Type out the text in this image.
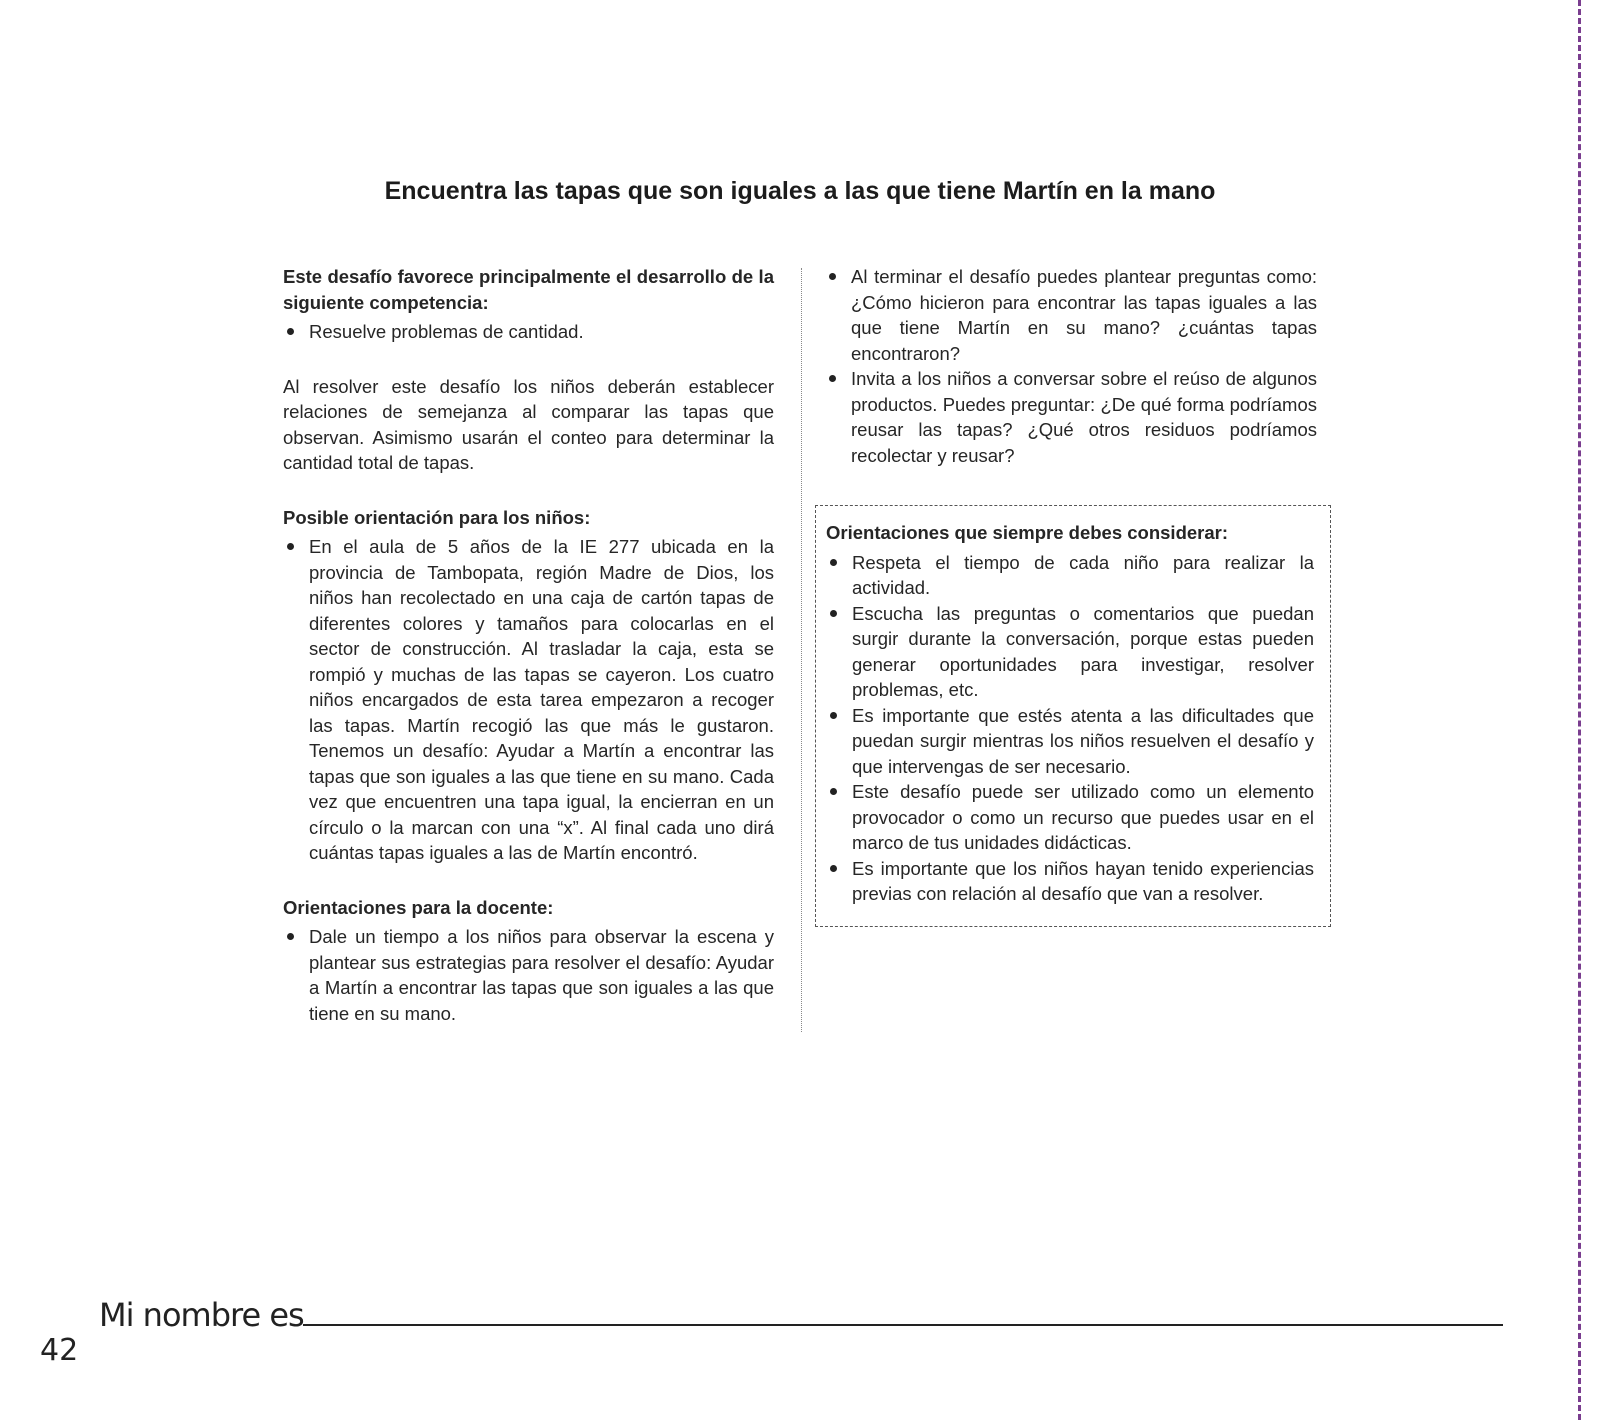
Encuentra las tapas que son iguales a las que tiene Martín en la mano

Este desafío favorece principalmente el desarrollo de la siguiente competencia:

Resuelve problemas de cantidad.

Al resolver este desafío los niños deberán establecer relaciones de semejanza al comparar las tapas que observan. Asimismo usarán el conteo para determinar la cantidad total de tapas.

Posible orientación para los niños:

En el aula de 5 años de la IE 277 ubicada en la provincia de Tambopata, región Madre de Dios, los niños han recolectado en una caja de cartón tapas de diferentes colores y tamaños para colocarlas en el sector de construcción. Al trasladar la caja, esta se rompió y muchas de las tapas se cayeron. Los cuatro niños encargados de esta tarea empezaron a recoger las tapas. Martín recogió las que más le gustaron. Tenemos un desafío: Ayudar a Martín a encontrar las tapas que son iguales a las que tiene en su mano. Cada vez que encuentren una tapa igual, la encierran en un círculo o la marcan con una “x”. Al final cada uno dirá cuántas tapas iguales a las de Martín encontró.

Orientaciones para la docente:

Dale un tiempo a los niños para observar la escena y plantear sus estrategias para resolver el desafío: Ayudar a Martín a encontrar las tapas que son iguales a las que tiene en su mano.
Al terminar el desafío puedes plantear preguntas como: ¿Cómo hicieron para encontrar las tapas iguales a las que tiene Martín en su mano? ¿cuántas tapas encontraron?
Invita a los niños a conversar sobre el reúso de algunos productos. Puedes preguntar: ¿De qué forma podríamos reusar las tapas? ¿Qué otros residuos podríamos recolectar y reusar?

Orientaciones que siempre debes considerar:

Respeta el tiempo de cada niño para realizar la actividad.
Escucha las preguntas o comentarios que puedan surgir durante la conversación, porque estas pueden generar oportunidades para investigar, resolver problemas, etc.
Es importante que estés atenta a las dificultades que puedan surgir mientras los niños resuelven el desafío y que intervengas de ser necesario.
Este desafío puede ser utilizado como un elemento provocador o como un recurso que puedes usar en el marco de tus unidades didácticas.
Es importante que los niños hayan tenido experiencias previas con relación al desafío que van a resolver.
Mi nombre es
42
